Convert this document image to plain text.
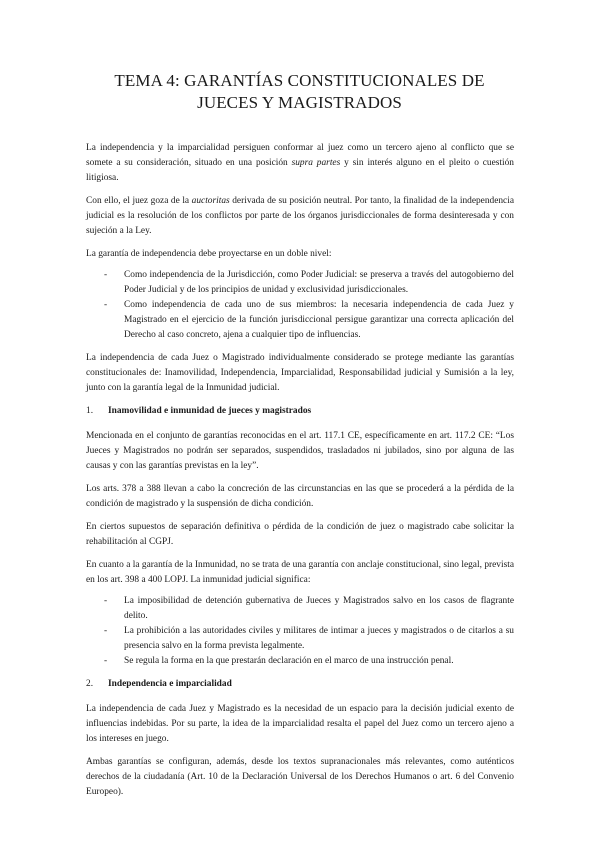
TEMA 4: GARANTÍAS CONSTITUCIONALES DE
JUECES Y MAGISTRADOS

La independencia y la imparcialidad persiguen conformar al juez como un tercero ajeno al conflicto que se somete a su consideración, situado en una posición supra partes y sin interés alguno en el pleito o cuestión litigiosa.

Con ello, el juez goza de la auctoritas derivada de su posición neutral. Por tanto, la finalidad de la independencia judicial es la resolución de los conflictos por parte de los órganos jurisdiccionales de forma desinteresada y con sujeción a la Ley.

La garantía de independencia debe proyectarse en un doble nivel:

- Como independencia de la Jurisdicción, como Poder Judicial: se preserva a través del autogobierno del Poder Judicial y de los principios de unidad y exclusividad jurisdiccionales.
- Como independencia de cada uno de sus miembros: la necesaria independencia de cada Juez y Magistrado en el ejercicio de la función jurisdiccional persigue garantizar una correcta aplicación del Derecho al caso concreto, ajena a cualquier tipo de influencias.

La independencia de cada Juez o Magistrado individualmente considerado se protege mediante las garantías constitucionales de: Inamovilidad, Independencia, Imparcialidad, Responsabilidad judicial y Sumisión a la ley, junto con la garantía legal de la Inmunidad judicial.

1. Inamovilidad e inmunidad de jueces y magistrados

Mencionada en el conjunto de garantías reconocidas en el art. 117.1 CE, específicamente en art. 117.2 CE: “Los Jueces y Magistrados no podrán ser separados, suspendidos, trasladados ni jubilados, sino por alguna de las causas y con las garantías previstas en la ley”.

Los arts. 378 a 388 llevan a cabo la concreción de las circunstancias en las que se procederá a la pérdida de la condición de magistrado y la suspensión de dicha condición.

En ciertos supuestos de separación definitiva o pérdida de la condición de juez o magistrado cabe solicitar la rehabilitación al CGPJ.

En cuanto a la garantía de la Inmunidad, no se trata de una garantía con anclaje constitucional, sino legal, prevista en los art. 398 a 400 LOPJ. La inmunidad judicial significa:

- La imposibilidad de detención gubernativa de Jueces y Magistrados salvo en los casos de flagrante delito.
- La prohibición a las autoridades civiles y militares de intimar a jueces y magistrados o de citarlos a su presencia salvo en la forma prevista legalmente.
- Se regula la forma en la que prestarán declaración en el marco de una instrucción penal.

2. Independencia e imparcialidad

La independencia de cada Juez y Magistrado es la necesidad de un espacio para la decisión judicial exento de influencias indebidas. Por su parte, la idea de la imparcialidad resalta el papel del Juez como un tercero ajeno a los intereses en juego.

Ambas garantías se configuran, además, desde los textos supranacionales más relevantes, como auténticos derechos de la ciudadanía (Art. 10 de la Declaración Universal de los Derechos Humanos o art. 6 del Convenio Europeo).
